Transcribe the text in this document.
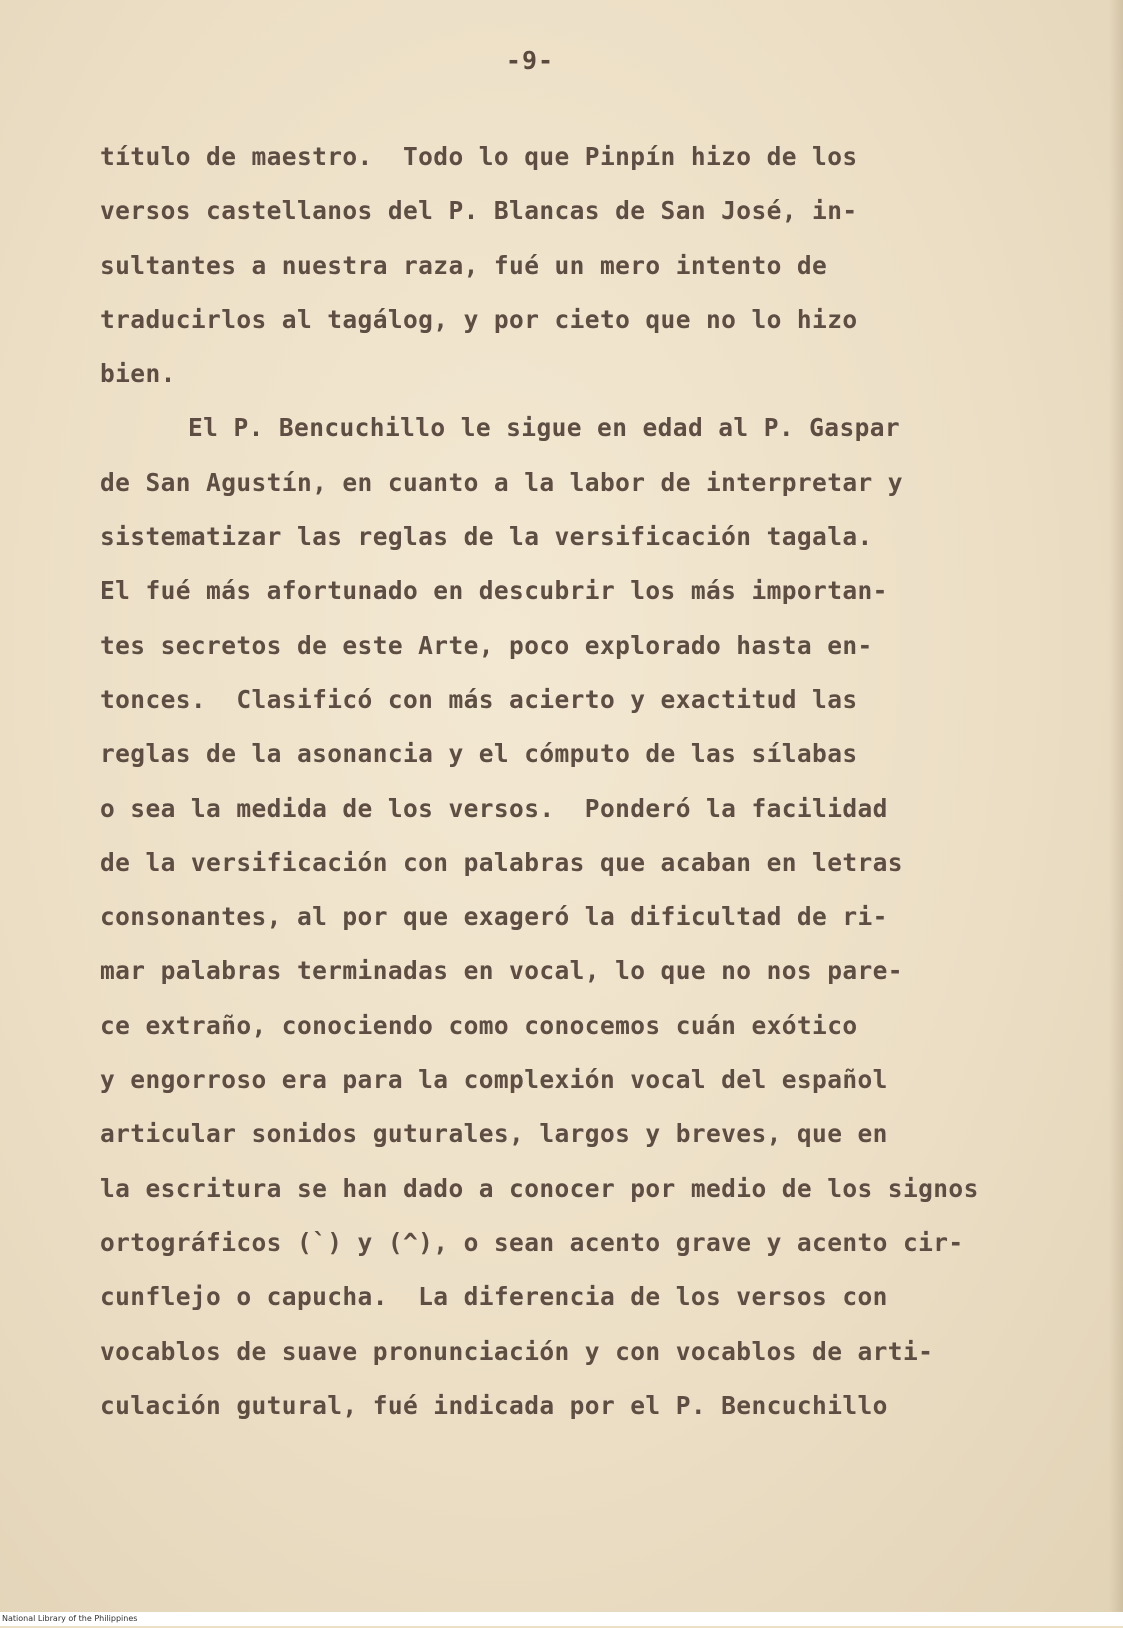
-9-
título de maestro.  Todo lo que Pinpín hizo de los
versos castellanos del P. Blancas de San José, in-
sultantes a nuestra raza, fué un mero intento de
traducirlos al tagálog, y por cieto que no lo hizo
bien.
El P. Bencuchillo le sigue en edad al P. Gaspar
de San Agustín, en cuanto a la labor de interpretar y
sistematizar las reglas de la versificación tagala.
El fué más afortunado en descubrir los más importan-
tes secretos de este Arte, poco explorado hasta en-
tonces.  Clasificó con más acierto y exactitud las
reglas de la asonancia y el cómputo de las sílabas
o sea la medida de los versos.  Ponderó la facilidad
de la versificación con palabras que acaban en letras
consonantes, al por que exageró la dificultad de ri-
mar palabras terminadas en vocal, lo que no nos pare-
ce extraño, conociendo como conocemos cuán exótico
y engorroso era para la complexión vocal del español
articular sonidos guturales, largos y breves, que en
la escritura se han dado a conocer por medio de los signos
ortográficos (`) y (^), o sean acento grave y acento cir-
cunflejo o capucha.  La diferencia de los versos con
vocablos de suave pronunciación y con vocablos de arti-
culación gutural, fué indicada por el P. Bencuchillo
National Library of the Philippines
